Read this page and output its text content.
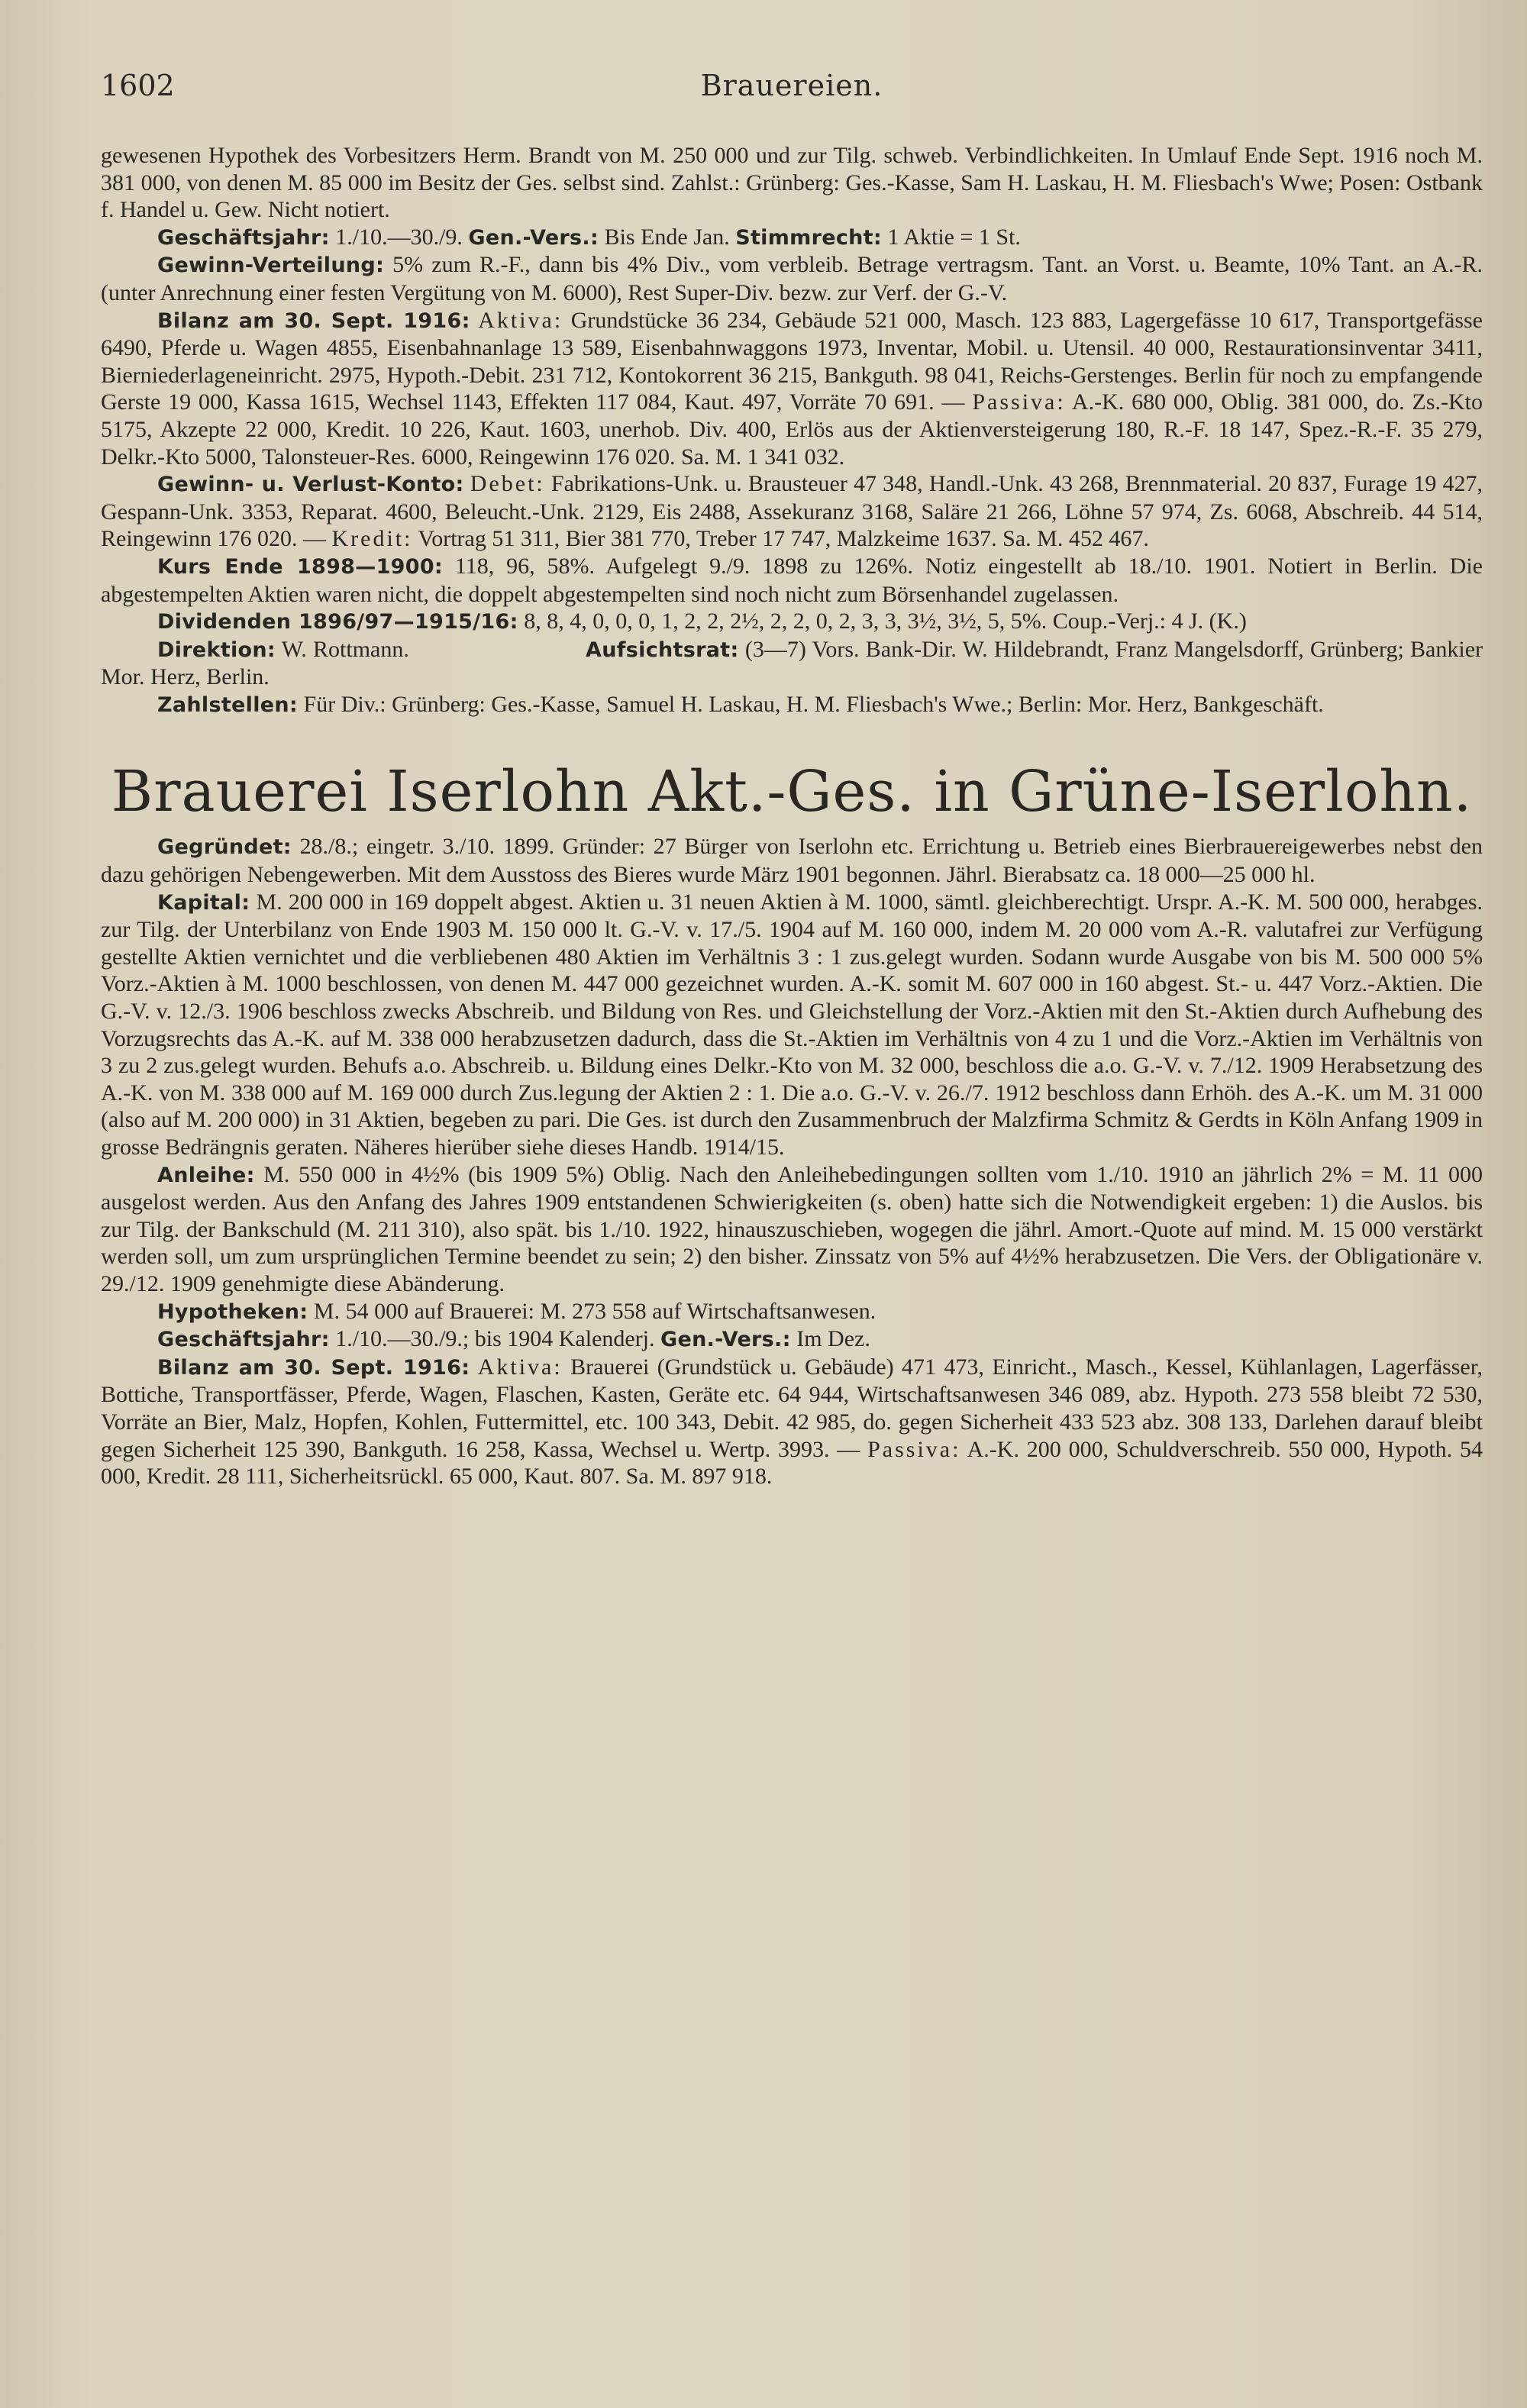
1602	Brauereien.

gewesenen Hypothek des Vorbesitzers Herm. Brandt von M. 250 000 und zur Tilg. schweb. Verbindlichkeiten. In Umlauf Ende Sept. 1916 noch M. 381 000, von denen M. 85 000 im Besitz der Ges. selbst sind. Zahlst.: Grünberg: Ges.-Kasse, Sam H. Laskau, H. M. Fliesbach's Wwe; Posen: Ostbank f. Handel u. Gew. Nicht notiert.

Geschäftsjahr: 1./10.—30./9. Gen.-Vers.: Bis Ende Jan. Stimmrecht: 1 Aktie = 1 St.

Gewinn-Verteilung: 5% zum R.-F., dann bis 4% Div., vom verbleib. Betrage vertragsm. Tant. an Vorst. u. Beamte, 10% Tant. an A.-R. (unter Anrechnung einer festen Vergütung von M. 6000), Rest Super-Div. bezw. zur Verf. der G.-V.

Bilanz am 30. Sept. 1916: Aktiva: Grundstücke 36 234, Gebäude 521 000, Masch. 123 883, Lagergefässe 10 617, Transportgefässe 6490, Pferde u. Wagen 4855, Eisenbahnanlage 13 589, Eisenbahnwaggons 1973, Inventar, Mobil. u. Utensil. 40 000, Restaurationsinventar 3411, Bierniederlageneinricht. 2975, Hypoth.-Debit. 231 712, Kontokorrent 36 215, Bankguth. 98 041, Reichs-Gerstenges. Berlin für noch zu empfangende Gerste 19 000, Kassa 1615, Wechsel 1143, Effekten 117 084, Kaut. 497, Vorräte 70 691. — Passiva: A.-K. 680 000, Oblig. 381 000, do. Zs.-Kto 5175, Akzepte 22 000, Kredit. 10 226, Kaut. 1603, unerhob. Div. 400, Erlös aus der Aktienversteigerung 180, R.-F. 18 147, Spez.-R.-F. 35 279, Delkr.-Kto 5000, Talonsteuer-Res. 6000, Reingewinn 176 020. Sa. M. 1 341 032.

Gewinn- u. Verlust-Konto: Debet: Fabrikations-Unk. u. Brausteuer 47 348, Handl.-Unk. 43 268, Brennmaterial. 20 837, Furage 19 427, Gespann-Unk. 3353, Reparat. 4600, Beleucht.-Unk. 2129, Eis 2488, Assekuranz 3168, Saläre 21 266, Löhne 57 974, Zs. 6068, Abschreib. 44 514, Reingewinn 176 020. — Kredit: Vortrag 51 311, Bier 381 770, Treber 17 747, Malzkeime 1637. Sa. M. 452 467.

Kurs Ende 1898—1900: 118, 96, 58%. Aufgelegt 9./9. 1898 zu 126%. Notiz eingestellt ab 18./10. 1901. Notiert in Berlin. Die abgestempelten Aktien waren nicht, die doppelt abgestempelten sind noch nicht zum Börsenhandel zugelassen.

Dividenden 1896/97—1915/16: 8, 8, 4, 0, 0, 0, 1, 2, 2, 2½, 2, 2, 0, 2, 3, 3, 3½, 3½, 5, 5%. Coup.-Verj.: 4 J. (K.)

Direktion: W. Rottmann.	Aufsichtsrat: (3—7) Vors. Bank-Dir. W. Hildebrandt, Franz Mangelsdorff, Grünberg; Bankier Mor. Herz, Berlin.

Zahlstellen: Für Div.: Grünberg: Ges.-Kasse, Samuel H. Laskau, H. M. Fliesbach's Wwe.; Berlin: Mor. Herz, Bankgeschäft.

Brauerei Iserlohn Akt.-Ges. in Grüne-Iserlohn.

Gegründet: 28./8.; eingetr. 3./10. 1899. Gründer: 27 Bürger von Iserlohn etc. Errichtung u. Betrieb eines Bierbrauereigewerbes nebst den dazu gehörigen Nebengewerben. Mit dem Ausstoss des Bieres wurde März 1901 begonnen. Jährl. Bierabsatz ca. 18 000—25 000 hl.

Kapital: M. 200 000 in 169 doppelt abgest. Aktien u. 31 neuen Aktien à M. 1000, sämtl. gleichberechtigt. Urspr. A.-K. M. 500 000, herabges. zur Tilg. der Unterbilanz von Ende 1903 M. 150 000 lt. G.-V. v. 17./5. 1904 auf M. 160 000, indem M. 20 000 vom A.-R. valutafrei zur Verfügung gestellte Aktien vernichtet und die verbliebenen 480 Aktien im Verhältnis 3 : 1 zus.gelegt wurden. Sodann wurde Ausgabe von bis M. 500 000 5% Vorz.-Aktien à M. 1000 beschlossen, von denen M. 447 000 gezeichnet wurden. A.-K. somit M. 607 000 in 160 abgest. St.- u. 447 Vorz.-Aktien. Die G.-V. v. 12./3. 1906 beschloss zwecks Abschreib. und Bildung von Res. und Gleichstellung der Vorz.-Aktien mit den St.-Aktien durch Aufhebung des Vorzugsrechts das A.-K. auf M. 338 000 herabzusetzen dadurch, dass die St.-Aktien im Verhältnis von 4 zu 1 und die Vorz.-Aktien im Verhältnis von 3 zu 2 zus.gelegt wurden. Behufs a.o. Abschreib. u. Bildung eines Delkr.-Kto von M. 32 000, beschloss die a.o. G.-V. v. 7./12. 1909 Herabsetzung des A.-K. von M. 338 000 auf M. 169 000 durch Zus.legung der Aktien 2 : 1. Die a.o. G.-V. v. 26./7. 1912 beschloss dann Erhöh. des A.-K. um M. 31 000 (also auf M. 200 000) in 31 Aktien, begeben zu pari. Die Ges. ist durch den Zusammenbruch der Malzfirma Schmitz & Gerdts in Köln Anfang 1909 in grosse Bedrängnis geraten. Näheres hierüber siehe dieses Handb. 1914/15.

Anleihe: M. 550 000 in 4½% (bis 1909 5%) Oblig. Nach den Anleihebedingungen sollten vom 1./10. 1910 an jährlich 2% = M. 11 000 ausgelost werden. Aus den Anfang des Jahres 1909 entstandenen Schwierigkeiten (s. oben) hatte sich die Notwendigkeit ergeben: 1) die Auslos. bis zur Tilg. der Bankschuld (M. 211 310), also spät. bis 1./10. 1922, hinauszuschieben, wogegen die jährl. Amort.-Quote auf mind. M. 15 000 verstärkt werden soll, um zum ursprünglichen Termine beendet zu sein; 2) den bisher. Zinssatz von 5% auf 4½% herabzusetzen. Die Vers. der Obligationäre v. 29./12. 1909 genehmigte diese Abänderung.

Hypotheken: M. 54 000 auf Brauerei: M. 273 558 auf Wirtschaftsanwesen.

Geschäftsjahr: 1./10.—30./9.; bis 1904 Kalenderj. Gen.-Vers.: Im Dez.

Bilanz am 30. Sept. 1916: Aktiva: Brauerei (Grundstück u. Gebäude) 471 473, Einricht., Masch., Kessel, Kühlanlagen, Lagerfässer, Bottiche, Transportfässer, Pferde, Wagen, Flaschen, Kasten, Geräte etc. 64 944, Wirtschaftsanwesen 346 089, abz. Hypoth. 273 558 bleibt 72 530, Vorräte an Bier, Malz, Hopfen, Kohlen, Futtermittel, etc. 100 343, Debit. 42 985, do. gegen Sicherheit 433 523 abz. 308 133, Darlehen darauf bleibt gegen Sicherheit 125 390, Bankguth. 16 258, Kassa, Wechsel u. Wertp. 3993. — Passiva: A.-K. 200 000, Schuldverschreib. 550 000, Hypoth. 54 000, Kredit. 28 111, Sicherheitsrückl. 65 000, Kaut. 807. Sa. M. 897 918.
